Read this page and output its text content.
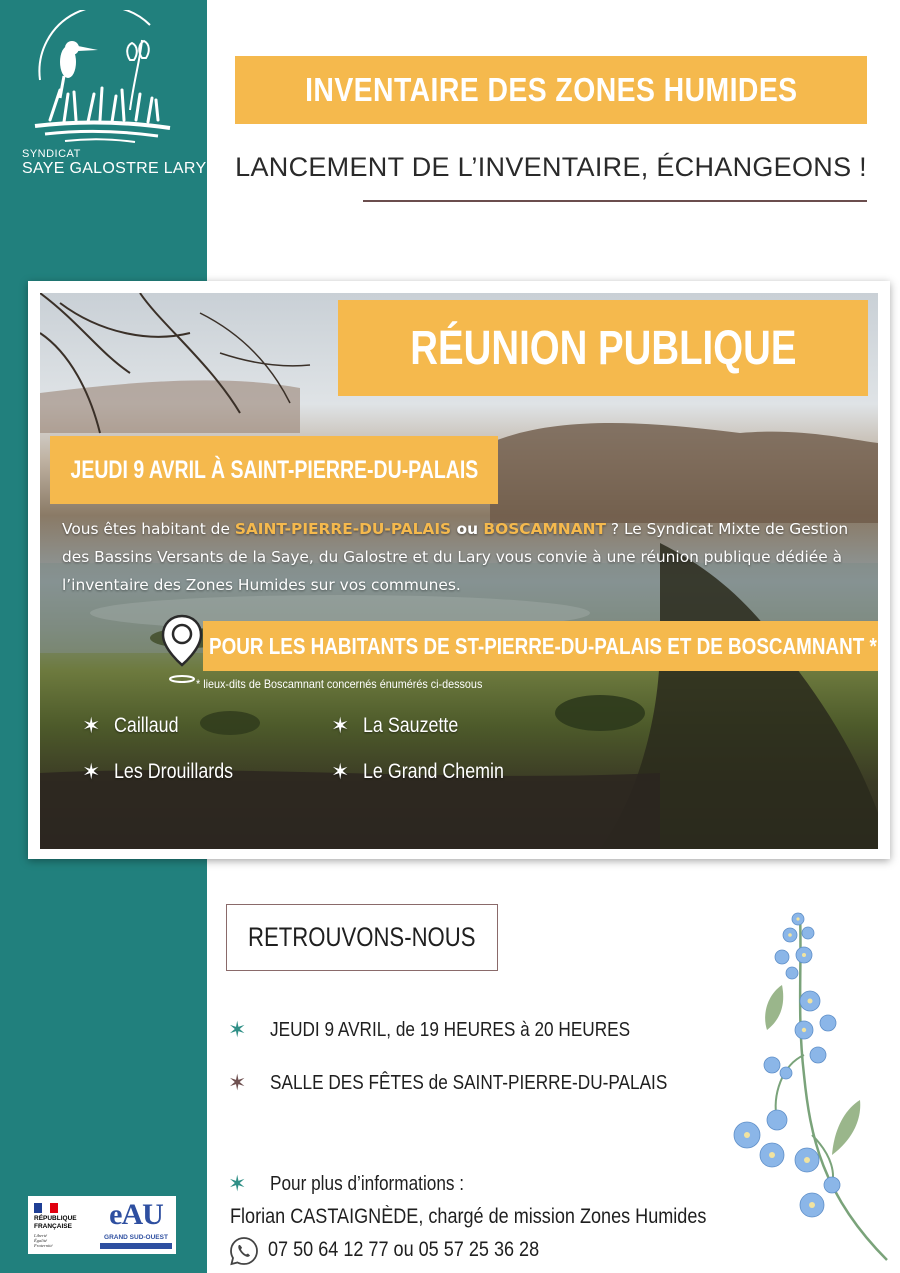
SYNDICAT
SAYE GALOSTRE LARY
INVENTAIRE DES ZONES HUMIDES
LANCEMENT DE L’INVENTAIRE, ÉCHANGEONS !
RÉUNION PUBLIQUE
JEUDI 9 AVRIL À SAINT-PIERRE-DU-PALAIS
Vous êtes habitant de SAINT-PIERRE-DU-PALAIS ou BOSCAMNANT ? Le Syndicat Mixte de Gestion des Bassins Versants de la Saye, du Galostre et du Lary vous convie à une réunion publique dédiée à l’inventaire des Zones Humides sur vos communes.
POUR LES HABITANTS DE ST-PIERRE-DU-PALAIS ET DE BOSCAMNANT *
* lieux-dits de Boscamnant concernés énumérés ci-dessous
✶ Caillaud	✶ La Sauzette
✶ Les Drouillards	✶ Le Grand Chemin
RETROUVONS-NOUS
✶	JEUDI 9 AVRIL, de 19 HEURES à 20 HEURES
✶	SALLE DES FÊTES de SAINT-PIERRE-DU-PALAIS
✶	Pour plus d’informations :
Florian CASTAIGNÈDE, chargé de mission Zones Humides
07 50 64 12 77 ou 05 57 25 36 28
RÉPUBLIQUE
FRANÇAISE
Liberté
Égalité
Fraternité
eAU
GRAND SUD-OUEST
